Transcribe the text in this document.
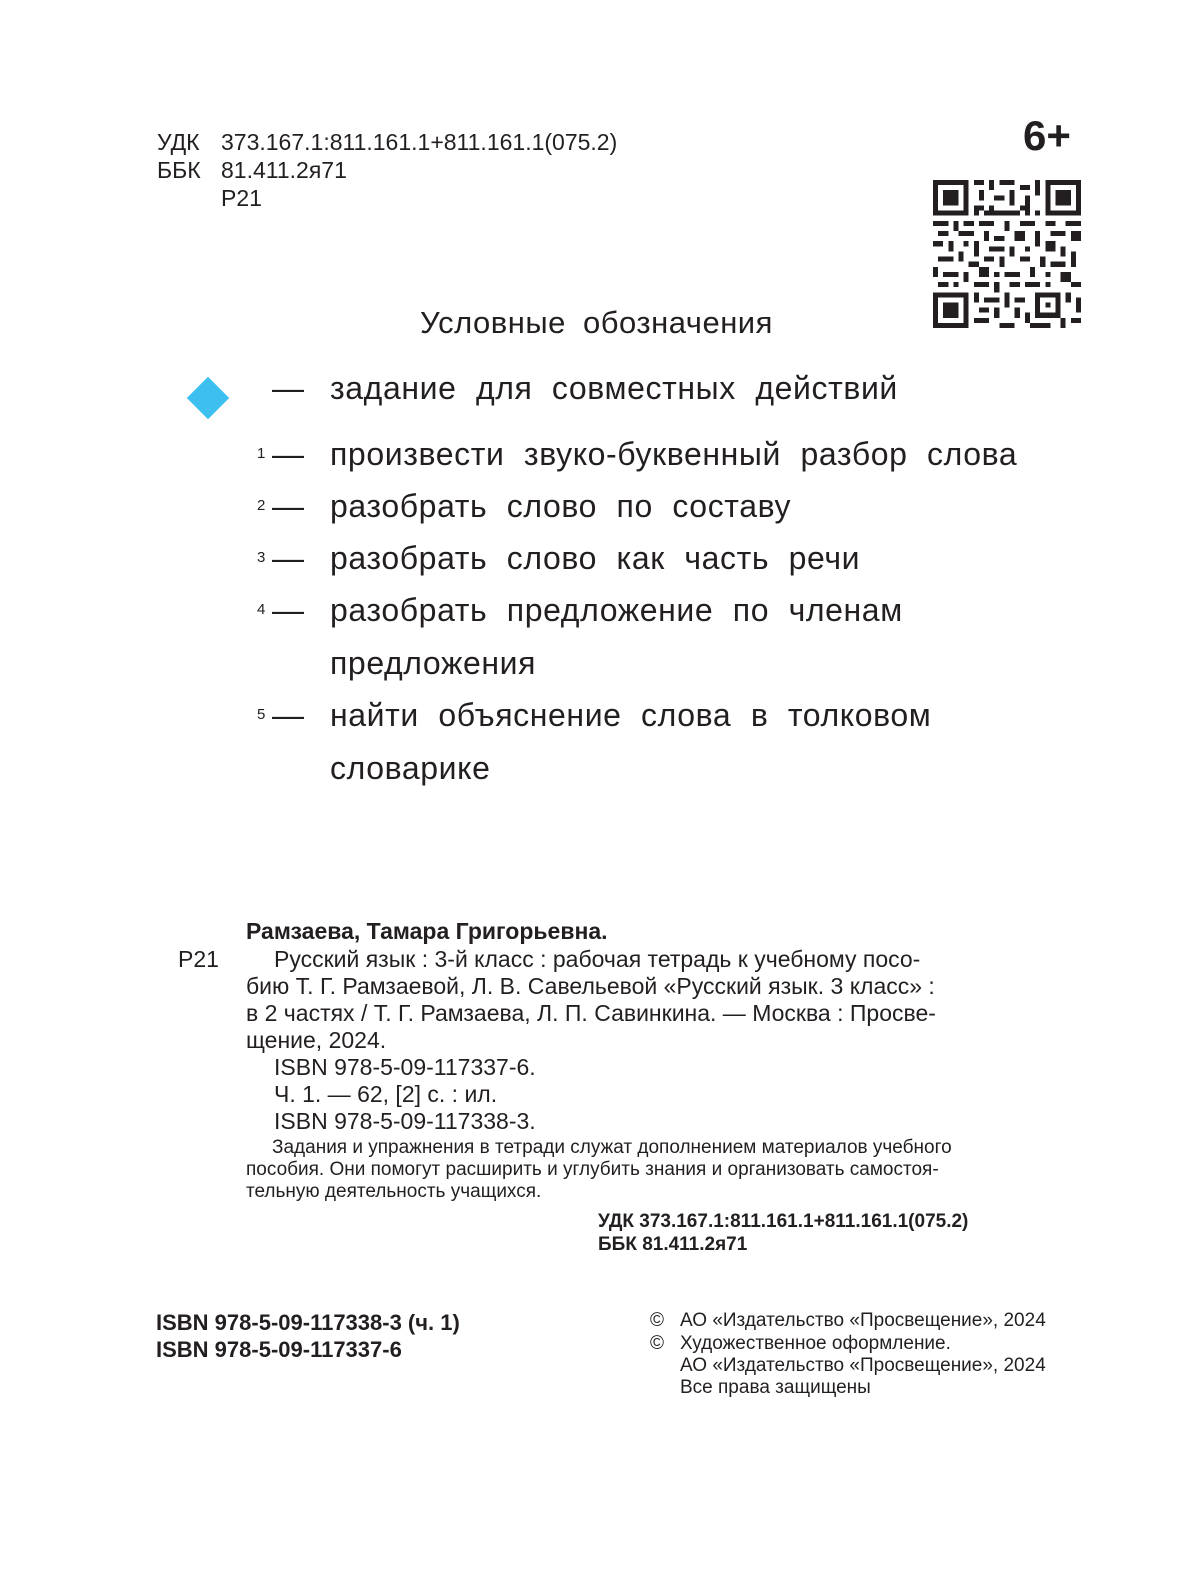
УДК 373.167.1:811.161.1+811.161.1(075.2)
ББК 81.411.2я71
Р21
6+
Условные обозначения
— задание для совместных действий
1 — произвести звуко-буквенный разбор слова
2 — разобрать слово по составу
3 — разобрать слово как часть речи
4 — разобрать предложение по членам
предложения
5 — найти объяснение слова в толковом
словарике
Рамзаева, Тамара Григорьевна.
Р21 Русский язык : 3-й класс : рабочая тетрадь к учебному посо-
бию Т. Г. Рамзаевой, Л. В. Савельевой «Русский язык. 3 класс» :
в 2 частях / Т. Г. Рамзаева, Л. П. Савинкина. — Москва : Просве-
щение, 2024.
ISBN 978-5-09-117337-6.
Ч. 1. — 62, [2] с. : ил.
ISBN 978-5-09-117338-3.
Задания и упражнения в тетради служат дополнением материалов учебного
пособия. Они помогут расширить и углубить знания и организовать самостоя-
тельную деятельность учащихся.
УДК 373.167.1:811.161.1+811.161.1(075.2)
ББК 81.411.2я71
ISBN 978-5-09-117338-3 (ч. 1)
ISBN 978-5-09-117337-6
© АО «Издательство «Просвещение», 2024
© Художественное оформление.
АО «Издательство «Просвещение», 2024
Все права защищены
